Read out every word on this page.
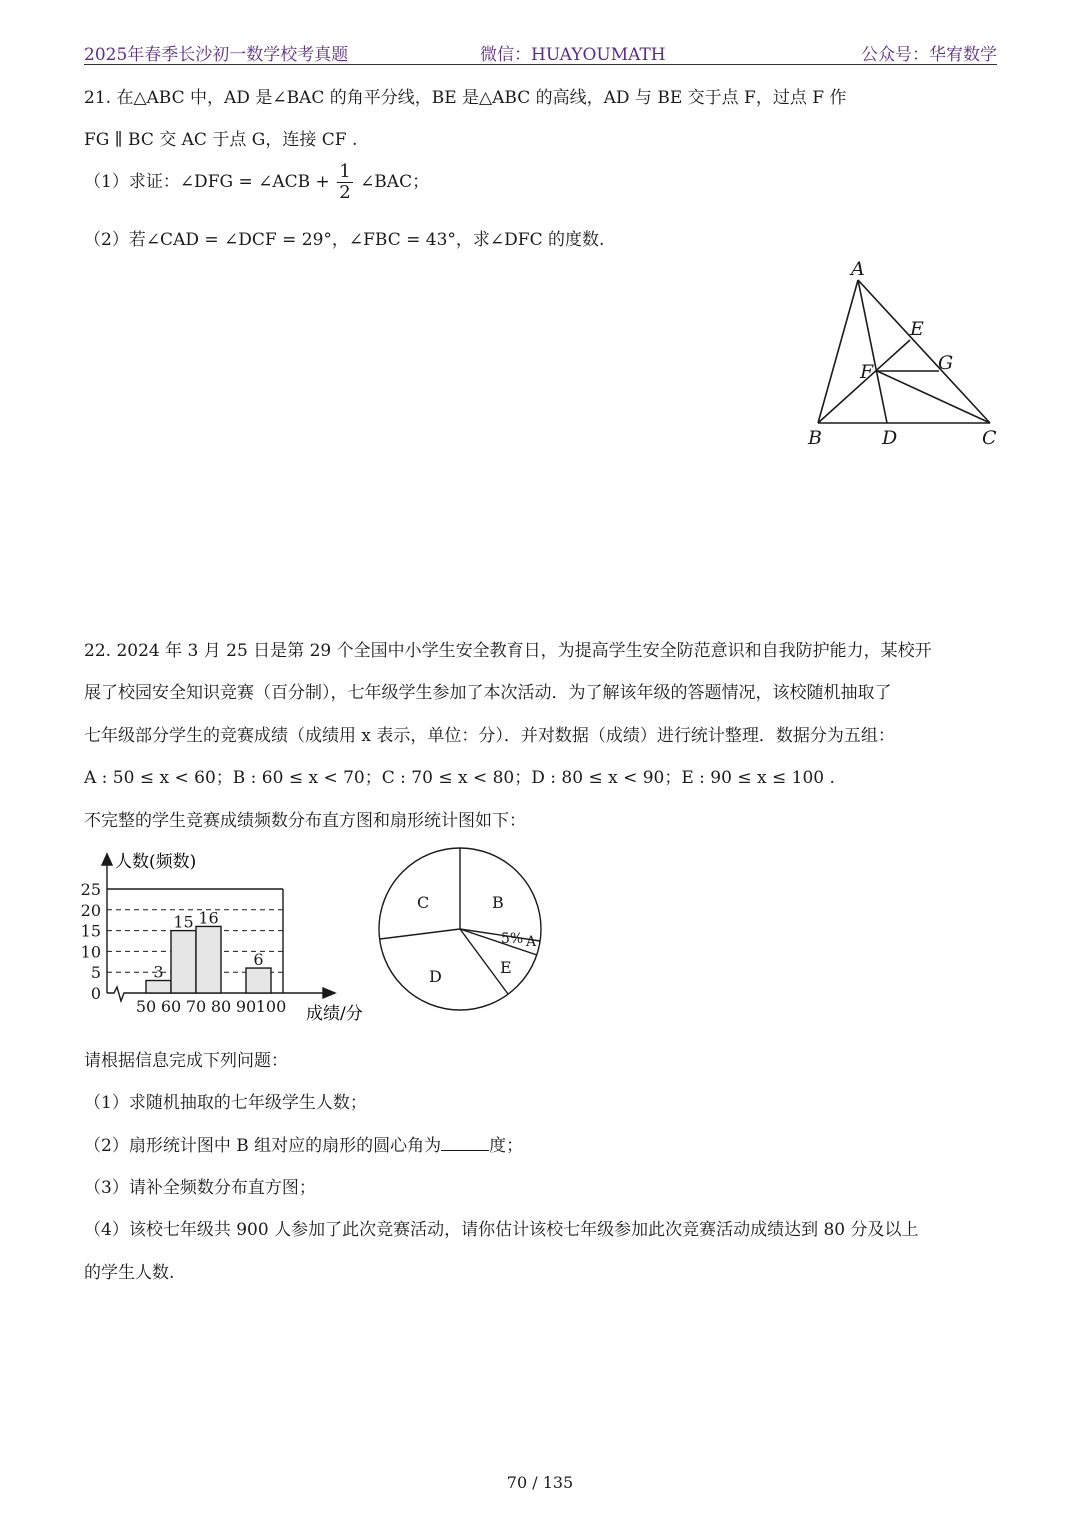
2025年春季长沙初一数学校考真题	微信：HUAYOUMATH	公众号：华宥数学
21. 在△ABC 中，AD 是∠BAC 的角平分线，BE 是△ABC 的高线，AD 与 BE 交于点 F，过点 F 作
FG ∥ BC 交 AC 于点 G，连接 CF .
（1）求证：∠DFG = ∠ACB + $\frac{1}{2}$ ∠BAC；
（2）若∠CAD = ∠DCF = 29°，∠FBC = 43°，求∠DFC 的度数.
A
E
G
F
B	D	C
22. 2024 年 3 月 25 日是第 29 个全国中小学生安全教育日，为提高学生安全防范意识和自我防护能力，某校开
展了校园安全知识竞赛（百分制），七年级学生参加了本次活动．为了解该年级的答题情况，该校随机抽取了
七年级部分学生的竞赛成绩（成绩用 x 表示，单位：分）．并对数据（成绩）进行统计整理．数据分为五组：
A : 50 ≤ x < 60；B : 60 ≤ x < 70；C : 70 ≤ x < 80；D : 80 ≤ x < 90；E : 90 ≤ x ≤ 100 .
不完整的学生竞赛成绩频数分布直方图和扇形统计图如下：
3
15 16
6
0
5
10
15
20
25
50 60 70 80 90 100
人数(频数)
成绩/分
C	B
5% A
E
D
请根据信息完成下列问题：
（1）求随机抽取的七年级学生人数；
（2）扇形统计图中 B 组对应的扇形的圆心角为	度；
（3）请补全频数分布直方图；
（4）该校七年级共 900 人参加了此次竞赛活动，请你估计该校七年级参加此次竞赛活动成绩达到 80 分及以上
的学生人数.
70 / 135
